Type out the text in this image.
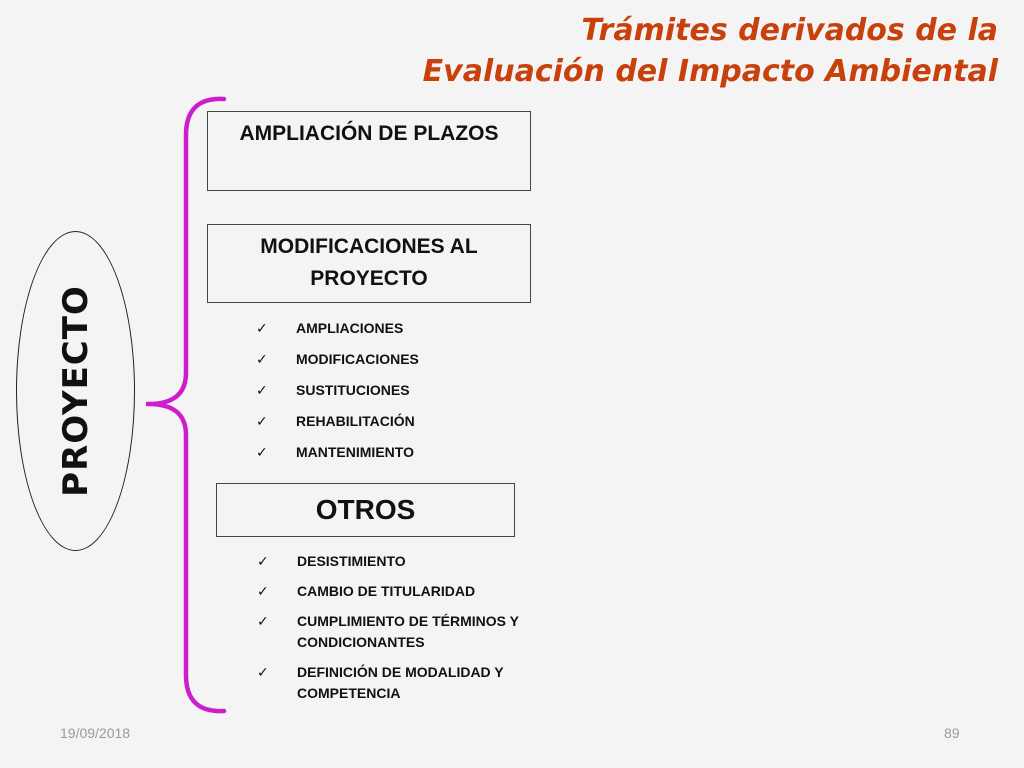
Trámites derivados de la
Evaluación del Impacto Ambiental
PROYECTO
AMPLIACIÓN DE PLAZOS
MODIFICACIONES AL
PROYECTO
✓ AMPLIACIONES
✓ MODIFICACIONES
✓ SUSTITUCIONES
✓ REHABILITACIÓN
✓ MANTENIMIENTO
OTROS
✓ DESISTIMIENTO
✓ CAMBIO DE TITULARIDAD
✓ CUMPLIMIENTO DE TÉRMINOS Y CONDICIONANTES
✓ DEFINICIÓN DE MODALIDAD Y COMPETENCIA
19/09/2018	89
